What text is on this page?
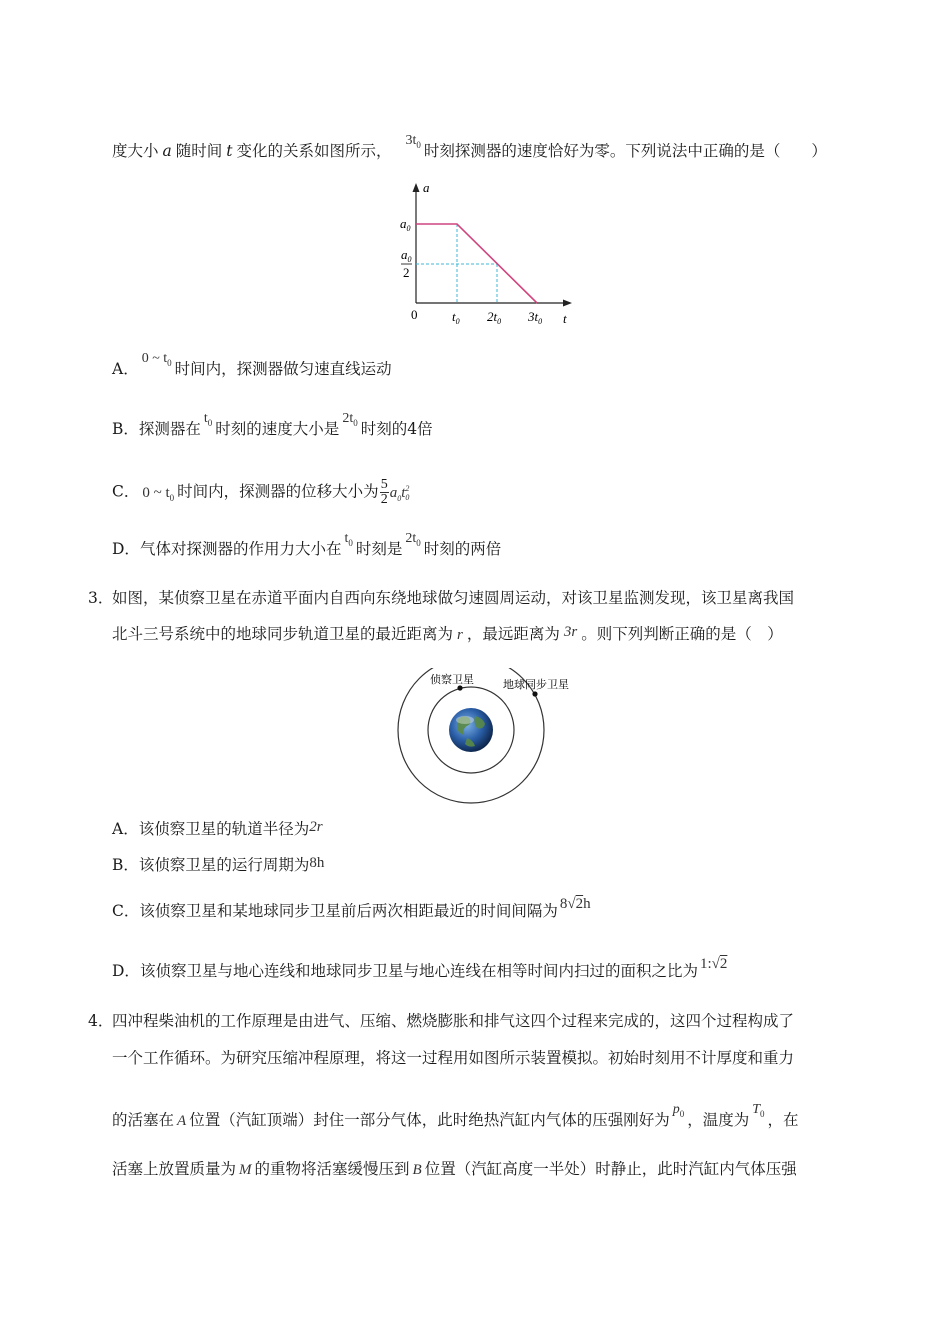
度大小 a 随时间 t 变化的关系如图所示，$3t_0$ 时刻探测器的速度恰好为零。下列说法中正确的是（　　）
a
t
$a_0$
$a_0$
2
0	$t_0$ $2t_0$ $3t_0$
A．0 ~ $t_0$ 时间内，探测器做匀速直线运动
B．探测器在$t_0$ 时刻的速度大小是$2t_0$ 时刻的4倍
C． 0 ~ $t_0$ 时间内，探测器的位移大小为 $\frac{5}{2} a_0t$ 2
0
D．气体对探测器的作用力大小在$t_0$ 时刻是$2t_0$ 时刻的两倍
3．
如图，某侦察卫星在赤道平面内自西向东绕地球做匀速圆周运动，对该卫星监测发现，该卫星离我国
北斗三号系统中的地球同步轨道卫星的最近距离为 r ，最远距离为 3r 。则下列判断正确的是（　）
侦察卫星	地球同步卫星
A．该侦察卫星的轨道半径为2r
B．该侦察卫星的运行周期为8h
C．该侦察卫星和某地球同步卫星前后两次相距最近的时间间隔为 8√2h
D．该侦察卫星与地心连线和地球同步卫星与地心连线在相等时间内扫过的面积之比为 1:√2
4．
四冲程柴油机的工作原理是由进气、压缩、燃烧膨胀和排气这四个过程来完成的，这四个过程构成了
一个工作循环。为研究压缩冲程原理，将这一过程用如图所示装置模拟。初始时刻用不计厚度和重力
的活塞在 A 位置（汽缸顶端）封住一部分气体，此时绝热汽缸内气体的压强刚好为$p_0$ ，温度为$T_0$ ，在
活塞上放置质量为 M 的重物将活塞缓慢压到 B 位置（汽缸高度一半处）时静止，此时汽缸内气体压强
